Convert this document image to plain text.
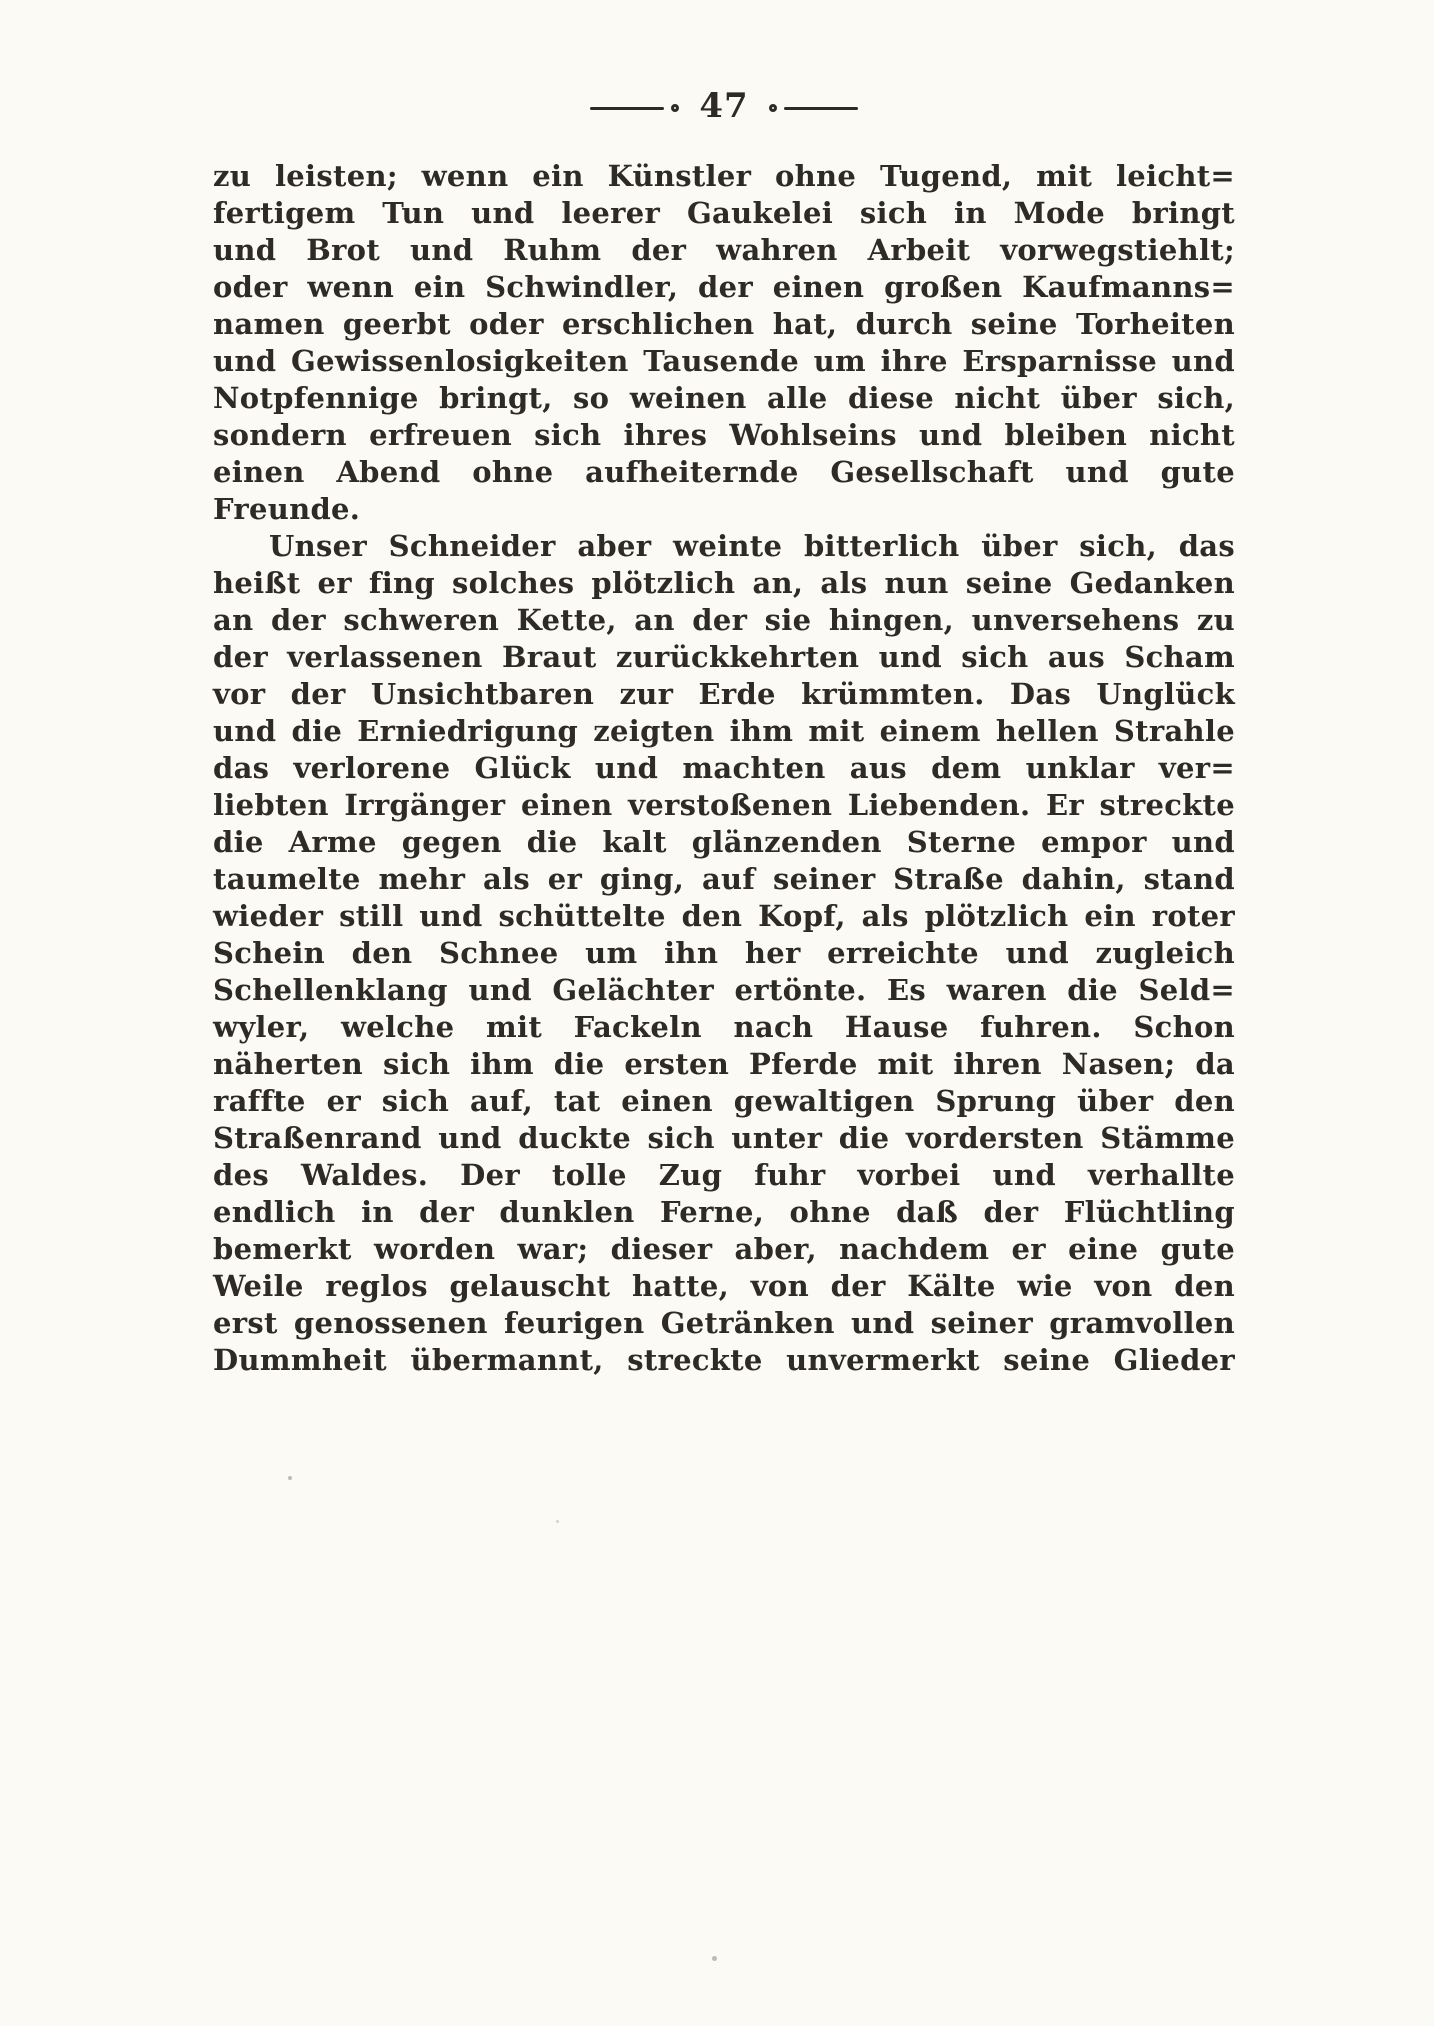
47
zu leisten; wenn ein Künstler ohne Tugend, mit leicht=
fertigem Tun und leerer Gaukelei sich in Mode bringt
und Brot und Ruhm der wahren Arbeit vorwegstiehlt;
oder wenn ein Schwindler, der einen großen Kaufmanns=
namen geerbt oder erschlichen hat, durch seine Torheiten
und Gewissenlosigkeiten Tausende um ihre Ersparnisse und
Notpfennige bringt, so weinen alle diese nicht über sich,
sondern erfreuen sich ihres Wohlseins und bleiben nicht
einen Abend ohne aufheiternde Gesellschaft und gute
Freunde.
Unser Schneider aber weinte bitterlich über sich, das
heißt er fing solches plötzlich an, als nun seine Gedanken
an der schweren Kette, an der sie hingen, unversehens zu
der verlassenen Braut zurückkehrten und sich aus Scham
vor der Unsichtbaren zur Erde krümmten. Das Unglück
und die Erniedrigung zeigten ihm mit einem hellen Strahle
das verlorene Glück und machten aus dem unklar ver=
liebten Irrgänger einen verstoßenen Liebenden. Er streckte
die Arme gegen die kalt glänzenden Sterne empor und
taumelte mehr als er ging, auf seiner Straße dahin, stand
wieder still und schüttelte den Kopf, als plötzlich ein roter
Schein den Schnee um ihn her erreichte und zugleich
Schellenklang und Gelächter ertönte. Es waren die Seld=
wyler, welche mit Fackeln nach Hause fuhren. Schon
näherten sich ihm die ersten Pferde mit ihren Nasen; da
raffte er sich auf, tat einen gewaltigen Sprung über den
Straßenrand und duckte sich unter die vordersten Stämme
des Waldes. Der tolle Zug fuhr vorbei und verhallte
endlich in der dunklen Ferne, ohne daß der Flüchtling
bemerkt worden war; dieser aber, nachdem er eine gute
Weile reglos gelauscht hatte, von der Kälte wie von den
erst genossenen feurigen Getränken und seiner gramvollen
Dummheit übermannt, streckte unvermerkt seine Glieder
